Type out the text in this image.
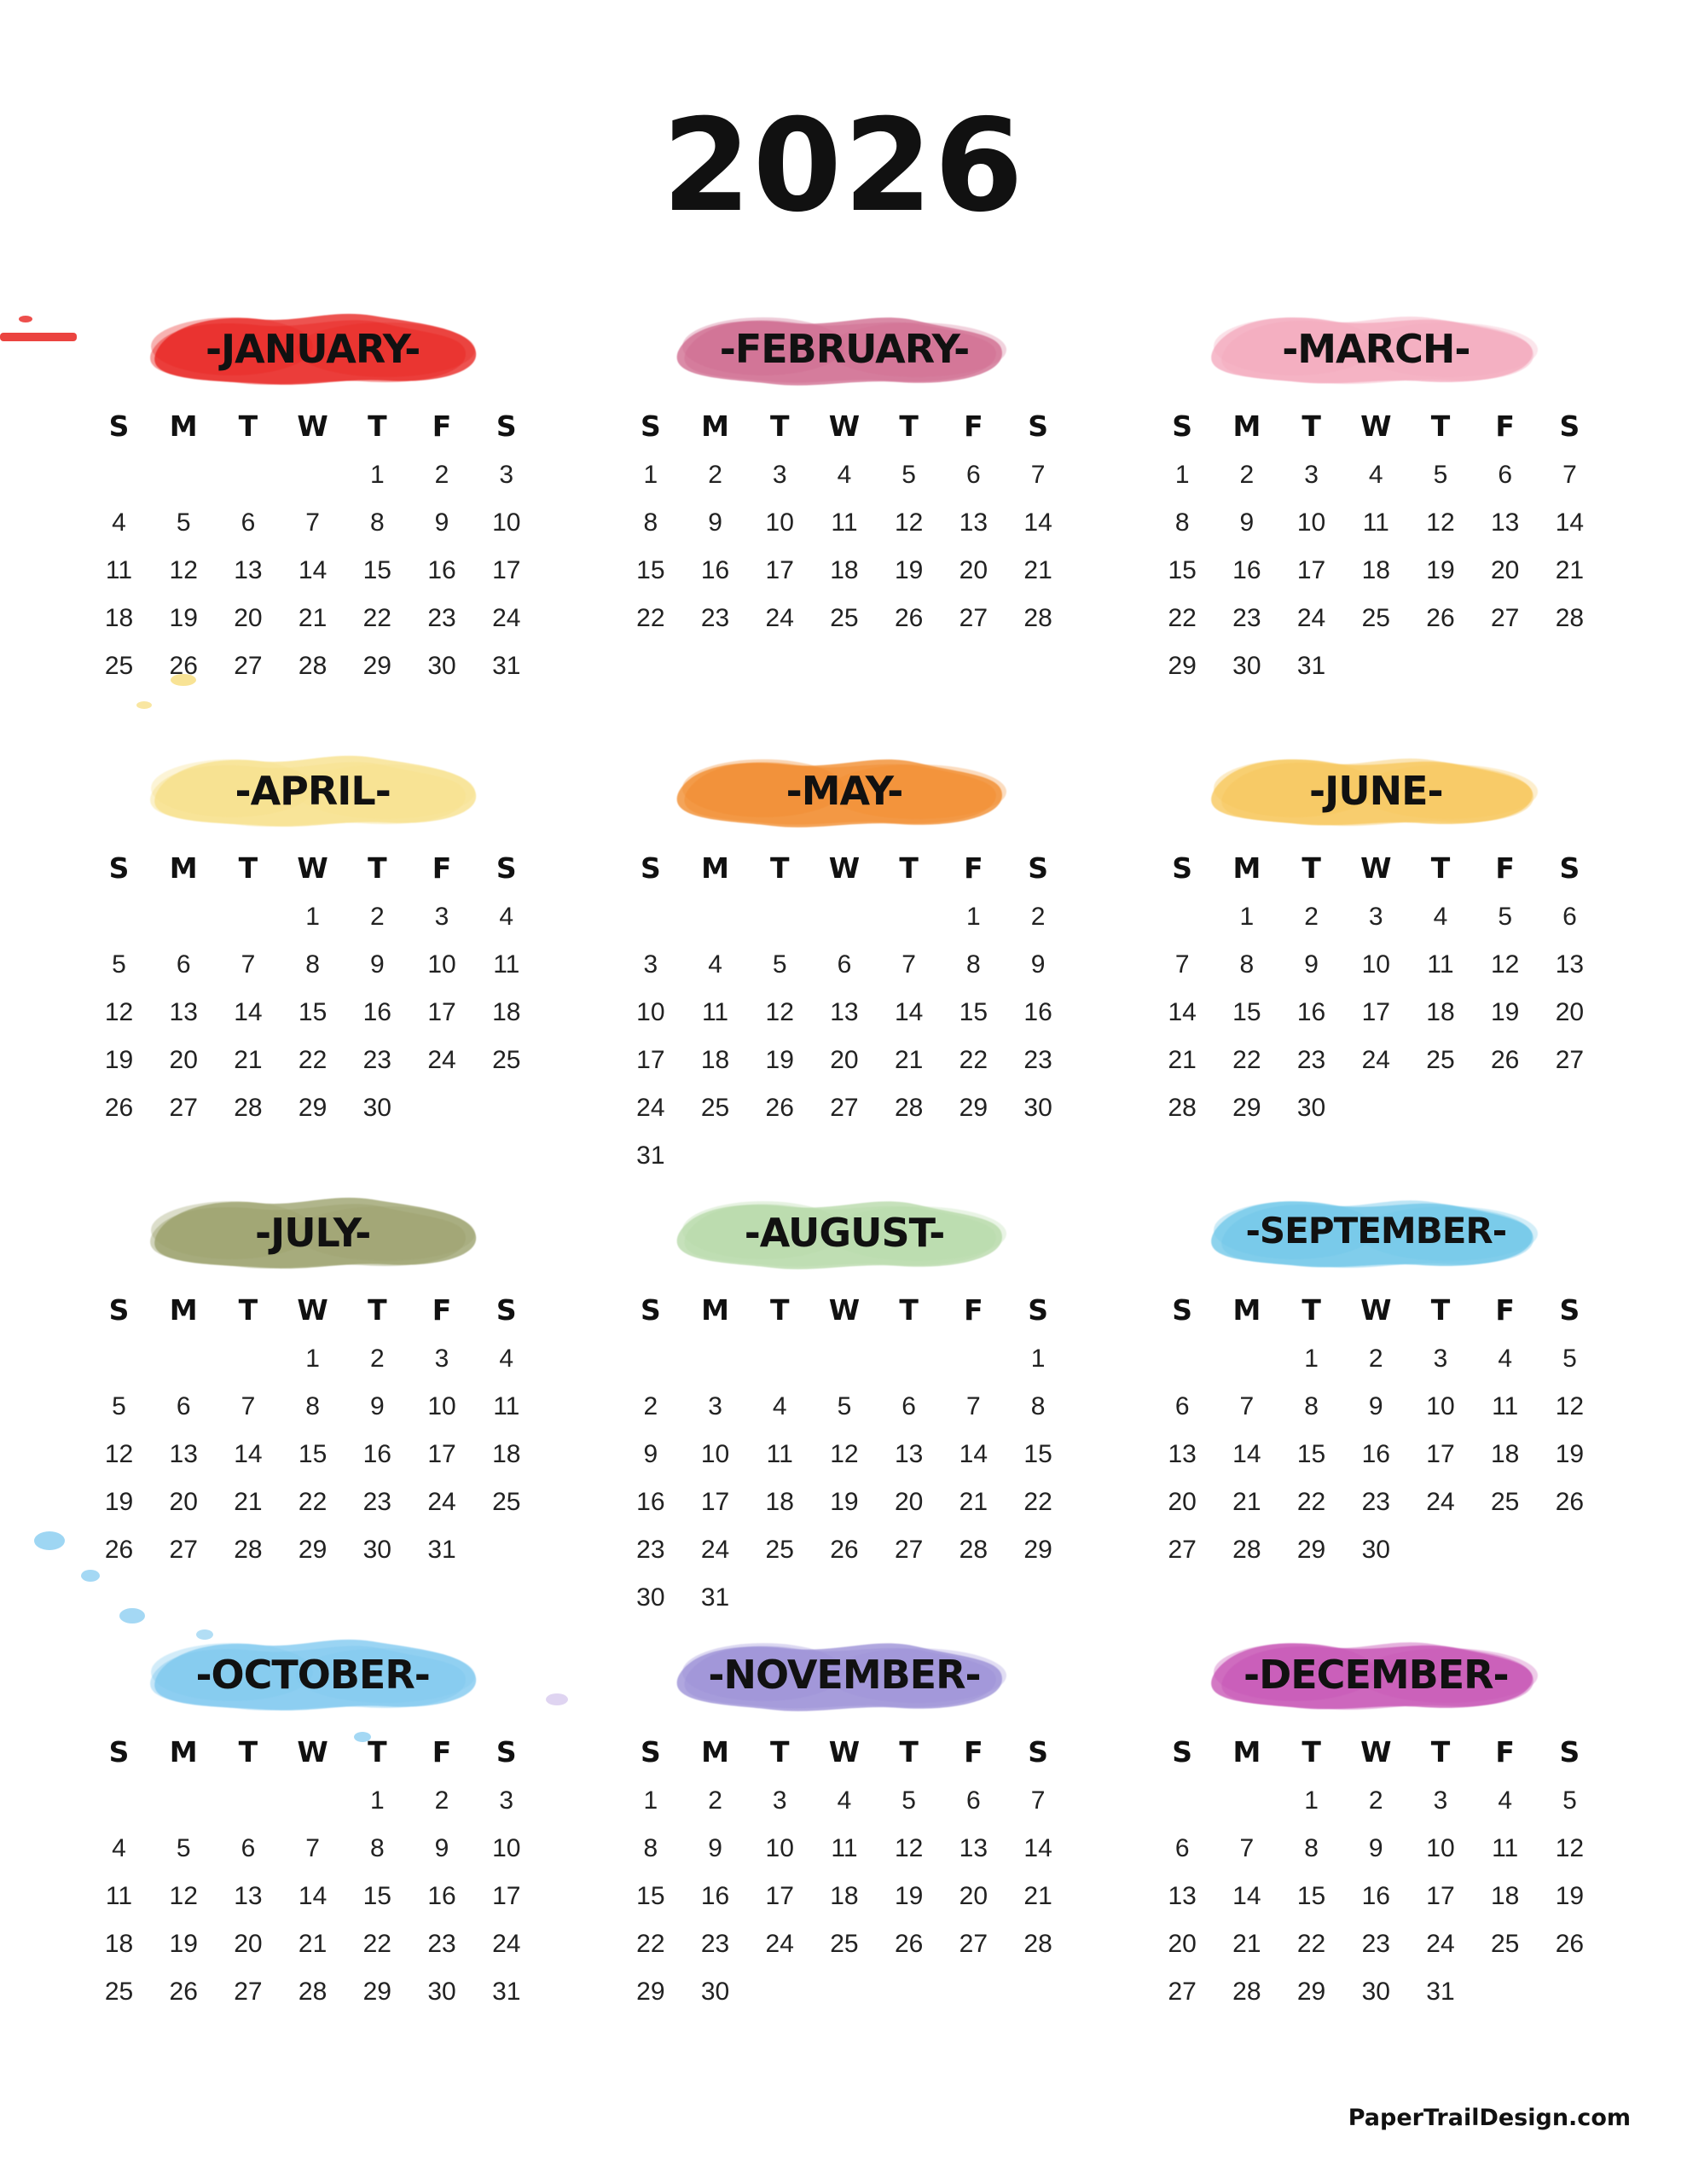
2026
-JANUARY-
S	M	T	W	T	F	S
				1	2	3
4	5	6	7	8	9	10
11	12	13	14	15	16	17
18	19	20	21	22	23	24
25	26	27	28	29	30	31
-FEBRUARY-
S	M	T	W	T	F	S
1	2	3	4	5	6	7
8	9	10	11	12	13	14
15	16	17	18	19	20	21
22	23	24	25	26	27	28
-MARCH-
S	M	T	W	T	F	S
1	2	3	4	5	6	7
8	9	10	11	12	13	14
15	16	17	18	19	20	21
22	23	24	25	26	27	28
29	30	31				
-APRIL-
S	M	T	W	T	F	S
			1	2	3	4
5	6	7	8	9	10	11
12	13	14	15	16	17	18
19	20	21	22	23	24	25
26	27	28	29	30		
-MAY-
S	M	T	W	T	F	S
					1	2
3	4	5	6	7	8	9
10	11	12	13	14	15	16
17	18	19	20	21	22	23
24	25	26	27	28	29	30
31						
-JUNE-
S	M	T	W	T	F	S
	1	2	3	4	5	6
7	8	9	10	11	12	13
14	15	16	17	18	19	20
21	22	23	24	25	26	27
28	29	30				
-JULY-
S	M	T	W	T	F	S
			1	2	3	4
5	6	7	8	9	10	11
12	13	14	15	16	17	18
19	20	21	22	23	24	25
26	27	28	29	30	31	
-AUGUST-
S	M	T	W	T	F	S
						1
2	3	4	5	6	7	8
9	10	11	12	13	14	15
16	17	18	19	20	21	22
23	24	25	26	27	28	29
30	31					
-SEPTEMBER-
S	M	T	W	T	F	S
		1	2	3	4	5
6	7	8	9	10	11	12
13	14	15	16	17	18	19
20	21	22	23	24	25	26
27	28	29	30			
-OCTOBER-
S	M	T	W	T	F	S
				1	2	3
4	5	6	7	8	9	10
11	12	13	14	15	16	17
18	19	20	21	22	23	24
25	26	27	28	29	30	31
-NOVEMBER-
S	M	T	W	T	F	S
1	2	3	4	5	6	7
8	9	10	11	12	13	14
15	16	17	18	19	20	21
22	23	24	25	26	27	28
29	30					
-DECEMBER-
S	M	T	W	T	F	S
		1	2	3	4	5
6	7	8	9	10	11	12
13	14	15	16	17	18	19
20	21	22	23	24	25	26
27	28	29	30	31		
PaperTrailDesign.com
